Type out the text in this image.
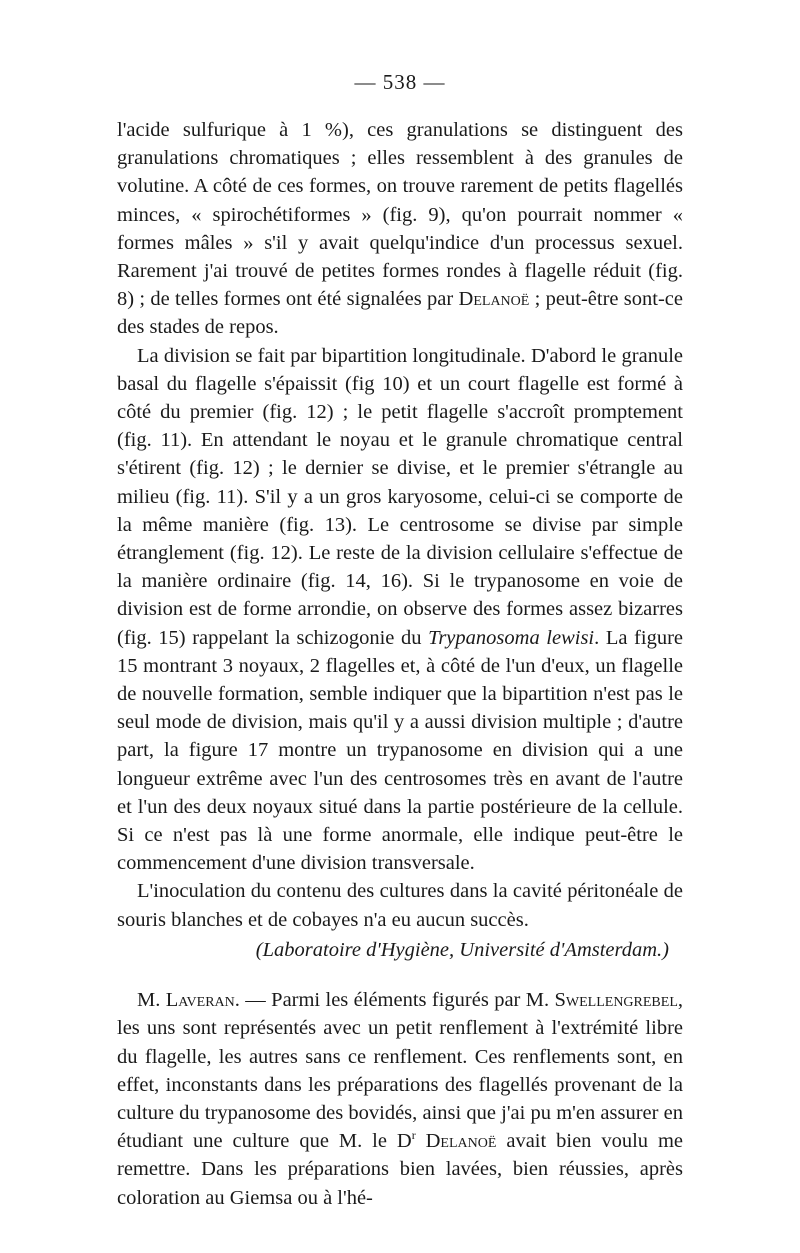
— 538 —

l'acide sulfurique à 1 %), ces granulations se distinguent des granulations chromatiques ; elles ressemblent à des granules de volutine. A côté de ces formes, on trouve rarement de petits flagellés minces, « spirochétiformes » (fig. 9), qu'on pourrait nommer « formes mâles » s'il y avait quelqu'indice d'un processus sexuel. Rarement j'ai trouvé de petites formes rondes à flagelle réduit (fig. 8) ; de telles formes ont été signalées par Delanoë ; peut-être sont-ce des stades de repos.

La division se fait par bipartition longitudinale. D'abord le granule basal du flagelle s'épaissit (fig 10) et un court flagelle est formé à côté du premier (fig. 12) ; le petit flagelle s'accroît promptement (fig. 11). En attendant le noyau et le granule chromatique central s'étirent (fig. 12) ; le dernier se divise, et le premier s'étrangle au milieu (fig. 11). S'il y a un gros karyosome, celui-ci se comporte de la même manière (fig. 13). Le centrosome se divise par simple étranglement (fig. 12). Le reste de la division cellulaire s'effectue de la manière ordinaire (fig. 14, 16). Si le trypanosome en voie de division est de forme arrondie, on observe des formes assez bizarres (fig. 15) rappelant la schizogonie du Trypanosoma lewisi. La figure 15 montrant 3 noyaux, 2 flagelles et, à côté de l'un d'eux, un flagelle de nouvelle formation, semble indiquer que la bipartition n'est pas le seul mode de division, mais qu'il y a aussi division multiple ; d'autre part, la figure 17 montre un trypanosome en division qui a une longueur extrême avec l'un des centrosomes très en avant de l'autre et l'un des deux noyaux situé dans la partie postérieure de la cellule. Si ce n'est pas là une forme anormale, elle indique peut-être le commencement d'une division transversale.

L'inoculation du contenu des cultures dans la cavité péritonéale de souris blanches et de cobayes n'a eu aucun succès.

(Laboratoire d'Hygiène, Université d'Amsterdam.)

M. Laveran. — Parmi les éléments figurés par M. Swellengrebel, les uns sont représentés avec un petit renflement à l'extrémité libre du flagelle, les autres sans ce renflement. Ces renflements sont, en effet, inconstants dans les préparations des flagellés provenant de la culture du trypanosome des bovidés, ainsi que j'ai pu m'en assurer en étudiant une culture que M. le $D^r$ Delanoë avait bien voulu me remettre. Dans les préparations bien lavées, bien réussies, après coloration au Giemsa ou à l'hé-
